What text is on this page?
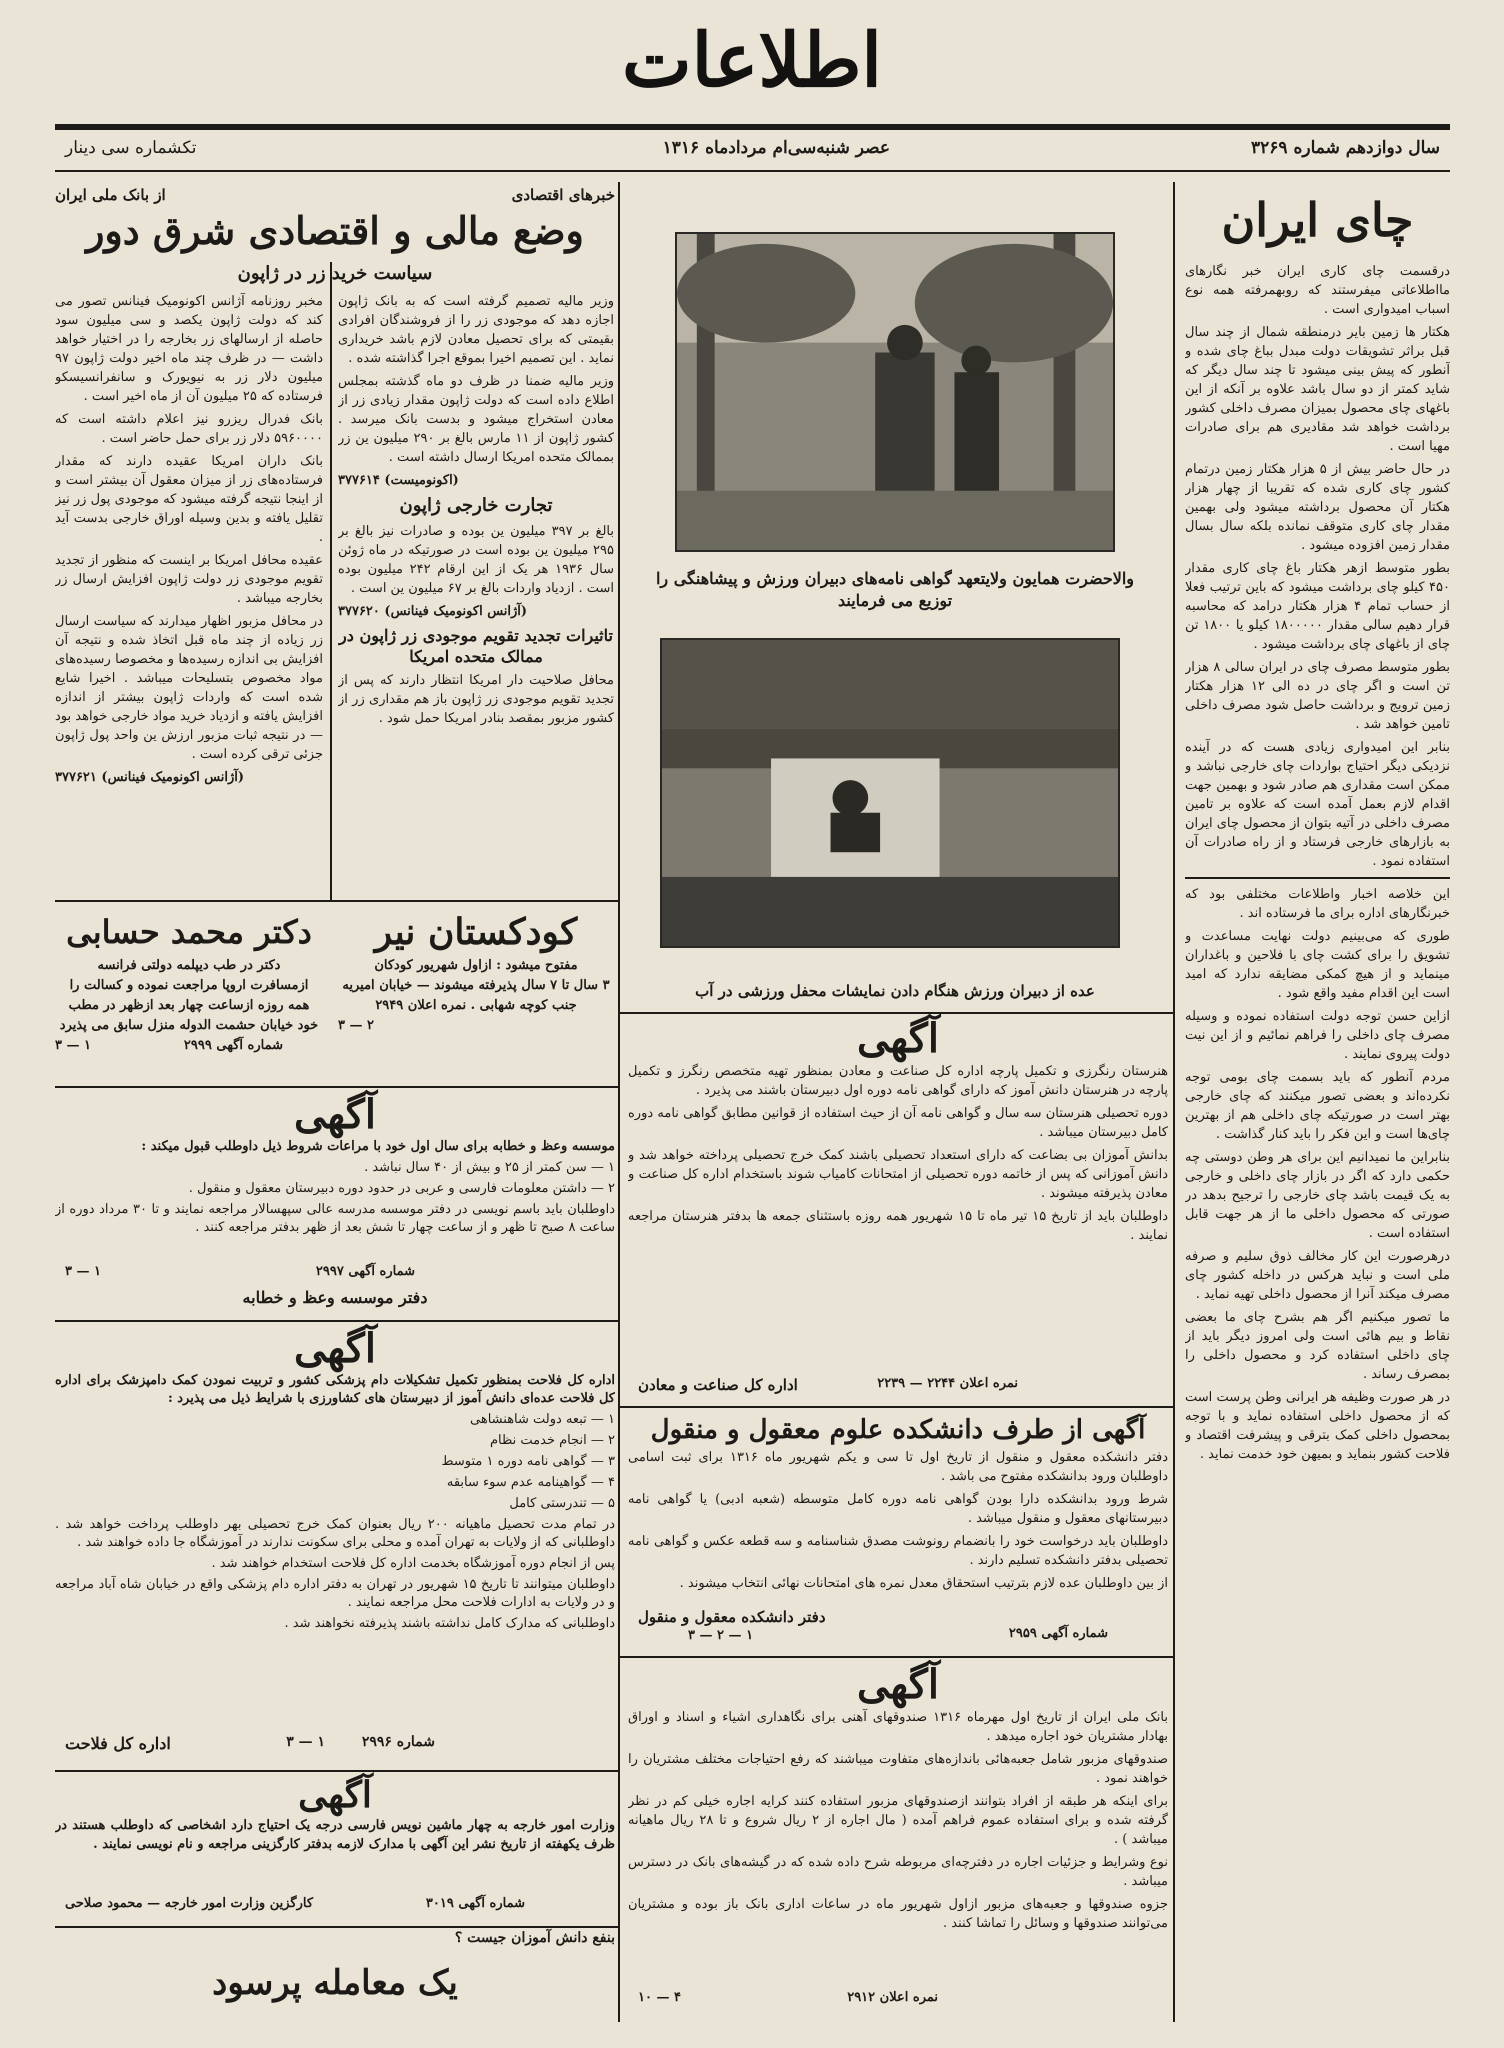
اطلاعات
سال دوازدهم شماره ۳۲۶۹
عصر شنبه‌سی‌ام مردادماه ۱۳۱۶
تکشماره سی دینار
چای ایران

درقسمت چای کاری ایران خبر نگارهای مااطلاعاتی میفرستند که روبهمرفته همه نوع اسباب امیدواری است .

هکتار ها زمین بایر درمنطقه شمال از چند سال قبل براثر تشویقات دولت مبدل بباغ چای شده و آنطور که پیش بینی میشود تا چند سال دیگر که شاید کمتر از دو سال باشد علاوه بر آنکه از این باغهای چای محصول بمیزان مصرف داخلی کشور برداشت خواهد شد مقادیری هم برای صادرات مهیا است .

در حال حاضر بیش از ۵ هزار هکتار زمین درتمام کشور چای کاری شده که تقریبا از چهار هزار هکتار آن محصول برداشته میشود ولی بهمین مقدار چای کاری متوقف نمانده بلکه سال بسال مقدار زمین افزوده میشود .

بطور متوسط ازهر هکتار باغ چای کاری مقدار ۴۵۰ کیلو چای برداشت میشود که باین ترتیب فعلا از حساب تمام ۴ هزار هکتار درامد که محاسبه قرار دهیم سالی مقدار ۱۸۰۰۰۰۰ کیلو یا ۱۸۰۰ تن چای از باغهای چای برداشت میشود .

بطور متوسط مصرف چای در ایران سالی ۸ هزار تن است و اگر چای در ده الی ۱۲ هزار هکتار زمین ترویج و برداشت حاصل شود مصرف داخلی تامین خواهد شد .

بنابر این امیدواری زیادی هست که در آینده نزدیکی دیگر احتیاج بواردات چای خارجی نباشد و ممکن است مقداری هم صادر شود و بهمین جهت اقدام لازم بعمل آمده است که علاوه بر تامین مصرف داخلی در آتیه بتوان از محصول چای ایران به بازارهای خارجی فرستاد و از راه صادرات آن استفاده نمود .

این خلاصه اخبار واطلاعات مختلفی بود که خبرنگارهای اداره برای ما فرستاده اند .

طوری که می‌بینیم دولت نهایت مساعدت و تشویق را برای کشت چای با فلاحین و باغداران مینماید و از هیچ کمکی مضایقه ندارد که امید است این اقدام مفید واقع شود .

ازاین حسن توجه دولت استفاده نموده و وسیله مصرف چای داخلی را فراهم نمائیم و از این نیت دولت پیروی نمایند .

مردم آنطور که باید بسمت چای بومی توجه نکرده‌اند و بعضی تصور میکنند که چای خارجی بهتر است در صورتیکه چای داخلی هم از بهترین چای‌ها است و این فکر را باید کنار گذاشت .

بنابراین ما نمیدانیم این برای هر وطن دوستی چه حکمی دارد که اگر در بازار چای داخلی و خارجی به یک قیمت باشد چای خارجی را ترجیح بدهد در صورتی که محصول داخلی ما از هر جهت قابل استفاده است .

درهرصورت این کار مخالف ذوق سلیم و صرفه ملی است و نباید هرکس در داخله کشور چای مصرف میکند آنرا از محصول داخلی تهیه نماید .

ما تصور میکنیم اگر هم بشرح چای ما بعضی نقاط و بیم هائی است ولی امروز دیگر باید از چای داخلی استفاده کرد و محصول داخلی را بمصرف رساند .

در هر صورت وظیفه هر ایرانی وطن پرست است که از محصول داخلی استفاده نماید و با توجه بمحصول داخلی کمک بترقی و پیشرفت اقتصاد و فلاحت کشور بنماید و بمیهن خود خدمت نماید .

والاحضرت همایون ولایتعهد گواهی نامه‌های دبیران ورزش و پیشاهنگی را توزیع می فرمایند
عده از دبیران ورزش هنگام دادن نمایشات محفل ورزشی در آب
خبرهای اقتصادی
از بانک ملی ایران
وضع مالی و اقتصادی شرق دور
سیاست خرید زر در ژاپون

وزیر مالیه تصمیم گرفته است که به بانک ژاپون اجازه دهد که موجودی زر را از فروشندگان افرادی بقیمتی که برای تحصیل معادن لازم باشد خریداری نماید . این تصمیم اخیرا بموقع اجرا گذاشته شده .

وزیر مالیه ضمنا در ظرف دو ماه گذشته بمجلس اطلاع داده است که دولت ژاپون مقدار زیادی زر از معادن استخراج میشود و بدست بانک میرسد . کشور ژاپون از ۱۱ مارس بالغ بر ۲۹۰ میلیون ین زر بممالک متحده امریکا ارسال داشته است .

(اکونومیست) ۳۷۷۶۱۴

تجارت خارجی ژاپون

بالغ بر ۳۹۷ میلیون ین بوده و صادرات نیز بالغ بر ۲۹۵ میلیون ین بوده است در صورتیکه در ماه ژوئن سال ۱۹۳۶ هر یک از این ارقام ۲۴۲ میلیون بوده است . ازدیاد واردات بالغ بر ۶۷ میلیون ین است .

(آژانس اکونومیک فینانس) ۳۷۷۶۲۰

تاثیرات تجدید تقویم موجودی زر ژاپون در ممالک متحده امریکا

محافل صلاحیت دار امریکا انتظار دارند که پس از تجدید تقویم موجودی زر ژاپون باز هم مقداری زر از کشور مزبور بمقصد بنادر امریکا حمل شود .

مخبر روزنامه آژانس اکونومیک فینانس تصور می کند که دولت ژاپون یکصد و سی میلیون سود حاصله از ارسالهای زر بخارجه را در اختیار خواهد داشت — در ظرف چند ماه اخیر دولت ژاپون ۹۷ میلیون دلار زر به نیویورک و سانفرانسیسکو فرستاده که ۲۵ میلیون آن از ماه اخیر است .

بانک فدرال ریزرو نیز اعلام داشته است که ۵۹۶۰۰۰۰ دلار زر برای حمل حاضر است .

بانک داران امریکا عقیده دارند که مقدار فرستاده‌های زر از میزان معقول آن بیشتر است و از اینجا نتیجه گرفته میشود که موجودی پول زر نیز تقلیل یافته و بدین وسیله اوراق خارجی بدست آید .

عقیده محافل امریکا بر اینست که منظور از تجدید تقویم موجودی زر دولت ژاپون افزایش ارسال زر بخارجه میباشد .

در محافل مزبور اظهار میدارند که سیاست ارسال زر زیاده از چند ماه قبل اتخاذ شده و نتیجه آن افزایش بی اندازه رسیده‌ها و مخصوصا رسیده‌های مواد مخصوص بتسلیحات میباشد . اخیرا شایع شده است که واردات ژاپون بیشتر از اندازه افزایش یافته و ازدیاد خرید مواد خارجی خواهد بود — در نتیجه ثبات مزبور ارزش ین واحد پول ژاپون جزئی ترقی کرده است .

(آژانس اکونومیک فینانس) ۳۷۷۶۲۱

کودکستان نیر
مفتوح میشود : ازاول شهریور کودکان
۳ سال تا ۷ سال پذیرفته میشوند — خیابان امیریه
جنب کوچه شهابی . نمره اعلان ۲۹۴۹
۲ — ۳
دکتر محمد حسابی
دکتر در طب دیپلمه دولتی فرانسه
ازمسافرت اروپا مراجعت نموده و کسالت را
همه روزه ازساعت چهار بعد ازظهر در مطب
خود خیابان حشمت الدوله منزل سابق می پذیرد
شماره آگهی ۲۹۹۹
۱ — ۳
آگهی

موسسه وعظ و خطابه برای سال اول خود با مراعات شروط ذیل داوطلب قبول میکند :

۱ — سن کمتر از ۲۵ و بیش از ۴۰ سال نباشد .

۲ — داشتن معلومات فارسی و عربی در حدود دوره دبیرستان معقول و منقول .

داوطلبان باید باسم نویسی در دفتر موسسه مدرسه عالی سپهسالار مراجعه نمایند و تا ۳۰ مرداد دوره از ساعت ۸ صبح تا ظهر و از ساعت چهار تا شش بعد از ظهر بدفتر مراجعه کنند .

شماره آگهی ۲۹۹۷
۱ — ۳
دفتر موسسه وعظ و خطابه
آگهی

اداره کل فلاحت بمنظور تکمیل تشکیلات دام پزشکی کشور و تربیت نمودن کمک دامپزشک برای اداره کل فلاحت عده‌ای دانش آموز از دبیرستان های کشاورزی با شرایط ذیل می پذیرد :

۱ — تبعه دولت شاهنشاهی

۲ — انجام خدمت نظام

۳ — گواهی نامه دوره ۱ متوسط

۴ — گواهینامه عدم سوء سابقه

۵ — تندرستی کامل

در تمام مدت تحصیل ماهیانه ۲۰۰ ریال بعنوان کمک خرج تحصیلی بهر داوطلب پرداخت خواهد شد . داوطلبانی که از ولایات به تهران آمده و محلی برای سکونت ندارند در آموزشگاه جا داده خواهند شد .

پس از انجام دوره آموزشگاه بخدمت اداره کل فلاحت استخدام خواهند شد .

داوطلبان میتوانند تا تاریخ ۱۵ شهریور در تهران به دفتر اداره دام پزشکی واقع در خیابان شاه آباد مراجعه و در ولایات به ادارات فلاحت محل مراجعه نمایند .

داوطلبانی که مدارک کامل نداشته باشند پذیرفته نخواهند شد .

شماره ۲۹۹۶
۱ — ۳
اداره کل فلاحت
آگهی
وزارت امور خارجه به چهار ماشین نویس فارسی درجه یک احتیاج دارد اشخاصی که داوطلب هستند در ظرف یکهفته از تاریخ نشر این آگهی با مدارک لازمه بدفتر کارگزینی مراجعه و نام نویسی نمایند .
شماره آگهی ۳۰۱۹
کارگزین وزارت امور خارجه — محمود صلاحی
بنفع دانش آموزان جیست ؟
یک معامله پرسود
آگهی

هنرستان رنگرزی و تکمیل پارچه اداره کل صناعت و معادن بمنظور تهیه متخصص رنگرز و تکمیل پارچه در هنرستان دانش آموز که دارای گواهی نامه دوره اول دبیرستان باشند می پذیرد .

دوره تحصیلی هنرستان سه سال و گواهی نامه آن از حیث استفاده از قوانین مطابق گواهی نامه دوره کامل دبیرستان میباشد .

بدانش آموزان بی بضاعت که دارای استعداد تحصیلی باشند کمک خرج تحصیلی پرداخته خواهد شد و دانش آموزانی که پس از خاتمه دوره تحصیلی از امتحانات کامیاب شوند باستخدام اداره کل صناعت و معادن پذیرفته میشوند .

داوطلبان باید از تاریخ ۱۵ تیر ماه تا ۱۵ شهریور همه روزه باستثنای جمعه ها بدفتر هنرستان مراجعه نمایند .

نمره اعلان ۲۲۴۴ — ۲۲۳۹
اداره کل صناعت و معادن
آگهی از طرف دانشکده علوم معقول و منقول

دفتر دانشکده معقول و منقول از تاریخ اول تا سی و یکم شهریور ماه ۱۳۱۶ برای ثبت اسامی داوطلبان ورود بدانشکده مفتوح می باشد .

شرط ورود بدانشکده دارا بودن گواهی نامه دوره کامل متوسطه (شعبه ادبی) یا گواهی نامه دبیرستانهای معقول و منقول میباشد .

داوطلبان باید درخواست خود را بانضمام رونوشت مصدق شناسنامه و سه قطعه عکس و گواهی نامه تحصیلی بدفتر دانشکده تسلیم دارند .

از بین داوطلبان عده لازم بترتیب استحقاق معدل نمره های امتحانات نهائی انتخاب میشوند .

شماره آگهی ۲۹۵۹
۱ — ۲ — ۳
دفتر دانشکده معقول و منقول
آگهی

بانک ملی ایران از تاریخ اول مهرماه ۱۳۱۶ صندوقهای آهنی برای نگاهداری اشیاء و اسناد و اوراق بهادار مشتریان خود اجاره میدهد .

صندوقهای مزبور شامل جعبه‌هائی باندازه‌های متفاوت میباشند که رفع احتیاجات مختلف مشتریان را خواهند نمود .

برای اینکه هر طبقه از افراد بتوانند ازصندوقهای مزبور استفاده کنند کرایه اجاره خیلی کم در نظر گرفته شده و برای استفاده عموم فراهم آمده ( مال اجاره از ۲ ریال شروع و تا ۲۸ ریال ماهیانه میباشد ) .

نوع وشرایط و جزئیات اجاره در دفترچه‌ای مربوطه شرح داده شده که در گیشه‌های بانک در دسترس میباشد .

جزوه صندوقها و جعبه‌های مزبور ازاول شهریور ماه در ساعات اداری بانک باز بوده و مشتریان می‌توانند صندوقها و وسائل را تماشا کنند .

نمره اعلان ۲۹۱۲
۴ — ۱۰
